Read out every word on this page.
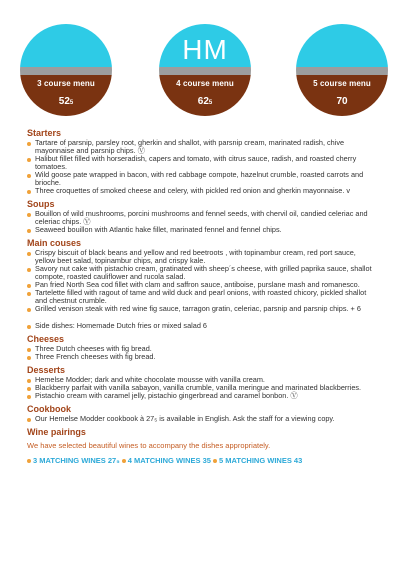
3 course menu
525
HM
4 course menu
625
5 course menu
70
Starters
Tartare of parsnip, parsley root, gherkin and shallot, with parsnip cream, marinated radish, chive mayonnaise and parsnip chips. Ⓥ
Halibut fillet filled with horseradish, capers and tomato, with citrus sauce, radish, and roasted cherry tomatoes.
Wild goose pate wrapped in bacon, with red cabbage compote, hazelnut crumble, roasted carrots and brioche.
Three croquettes of smoked cheese and celery, with pickled red onion and gherkin mayonnaise. v
Soups
Bouillon of wild mushrooms, porcini mushrooms and fennel seeds, with chervil oil, candied celeriac and celeriac chips. Ⓥ
Seaweed bouillon with Atlantic hake fillet, marinated fennel and fennel chips.
Main couses
Crispy biscuit of black beans and yellow and red beetroots , with topinambur cream, red port sauce, yellow beet salad, topinambur chips, and crispy kale.
Savory nut cake with pistachio cream, gratinated with sheep´s cheese, with grilled paprika sauce, shallot compote, roasted cauliflower and rucola salad.
Pan fried North Sea cod fillet with clam and saffron sauce, antiboise, purslane mash and romanesco.
Tartelette filled with ragout of tame and wild duck and pearl onions, with roasted chicory, pickled shallot and chestnut crumble.
Grilled venison steak with red wine fig sauce, tarragon gratin, celeriac, parsnip and parsnip chips. + 6
Side dishes: Homemade Dutch fries or mixed salad 6
Cheeses
Three Dutch cheeses with fig bread.
Three French cheeses with fig bread.
Desserts
Hemelse Modder; dark and white chocolate mousse with vanilla cream.
Blackberry parfait with vanilla sabayon, vanilla crumble, vanilla meringue and marinated blackberries.
Pistachio cream with caramel jelly, pistachio gingerbread and caramel bonbon. Ⓥ
Cookbook
Our Hemelse Modder cookbook à 27₅ is available in English. Ask the staff for a viewing copy.
Wine pairings
We have selected beautiful wines to accompany the dishes appropriately.
3 MATCHING WINES 27₅ 4 MATCHING WINES 35 5 MATCHING WINES 43
